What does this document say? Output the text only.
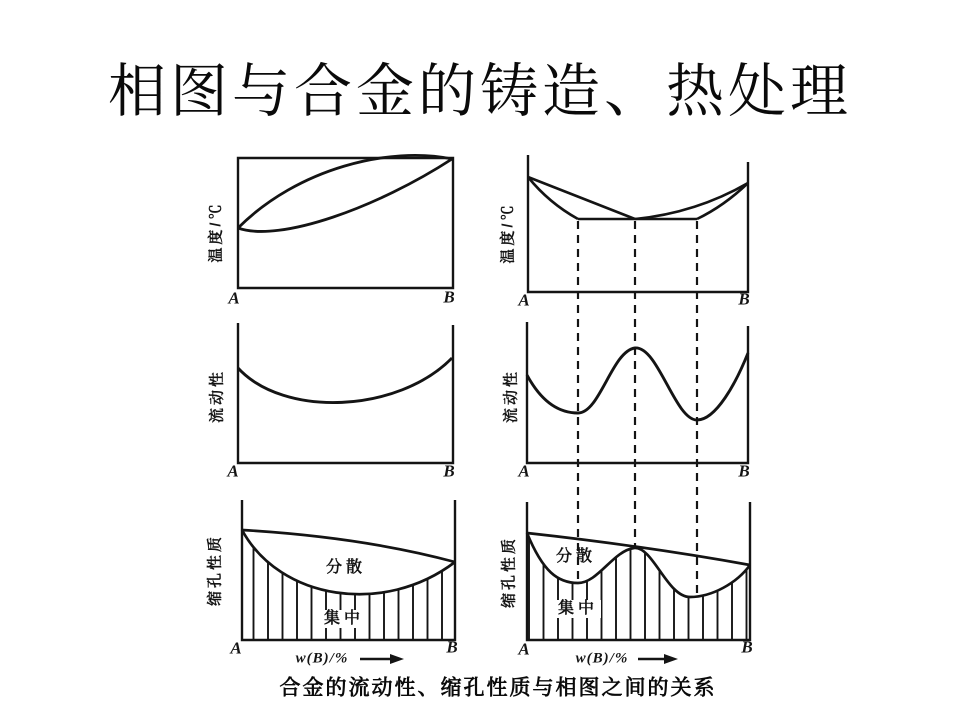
相图与合金的铸造、热处理
温度/℃	温度/℃
流动性	流动性
缩孔性质	缩孔性质
A	B	A	B
A	B	A	B
A	B	A	B
分散
集中
分散
集中
w(B)/%	w(B)/%
合金的流动性、缩孔性质与相图之间的关系
